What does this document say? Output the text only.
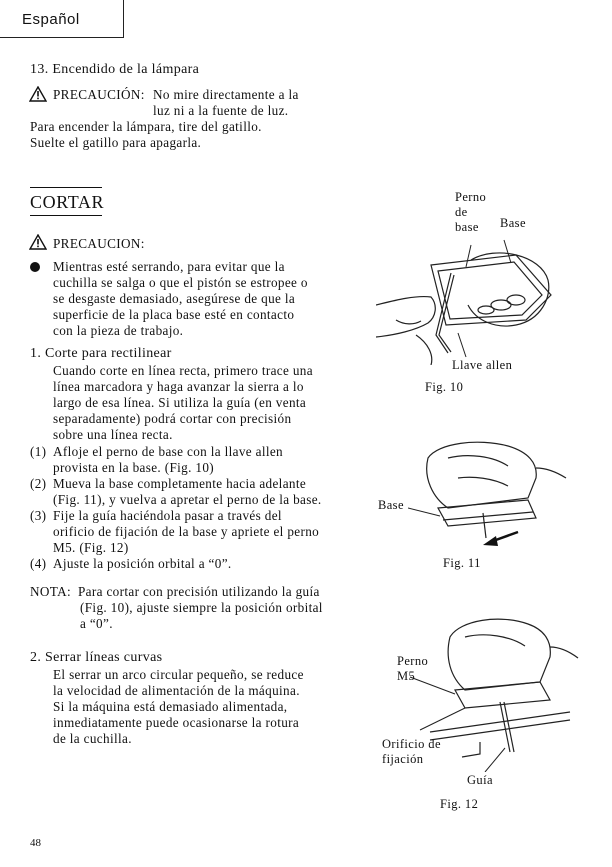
Español
13. Encendido de la lámpara
PRECAUCIÓN: No mire directamente a la
luz ni a la fuente de luz.
Para encender la lámpara, tire del gatillo.
Suelte el gatillo para apagarla.
CORTAR
PRECAUCION:
Mientras esté serrando, para evitar que la
cuchilla se salga o que el pistón se estropee o
se desgaste demasiado, asegúrese de que la
superficie de la placa base esté en contacto
con la pieza de trabajo.
1. Corte para rectilinear
Cuando corte en línea recta, primero trace una
línea marcadora y haga avanzar la sierra a lo
largo de esa línea. Si utiliza la guía (en venta
separadamente) podrá cortar con precisión
sobre una línea recta.
(1) Afloje el perno de base con la llave allen
provista en la base. (Fig. 10)
(2) Mueva la base completamente hacia adelante
(Fig. 11), y vuelva a apretar el perno de la base.
(3) Fije la guía haciéndola pasar a través del
orificio de fijación de la base y apriete el perno
M5. (Fig. 12)
(4) Ajuste la posición orbital a “0”.
NOTA: Para cortar con precisión utilizando la guía
(Fig. 10), ajuste siempre la posición orbital
a “0”.
2. Serrar líneas curvas
El serrar un arco circular pequeño, se reduce
la velocidad de alimentación de la máquina.
Si la máquina está demasiado alimentada,
inmediatamente puede ocasionarse la rotura
de la cuchilla.
Perno
de
base	Base
Llave allen
Fig. 10
Base
Fig. 11
Perno
M5
Orificio de
fijación
Guía
Fig. 12
48
